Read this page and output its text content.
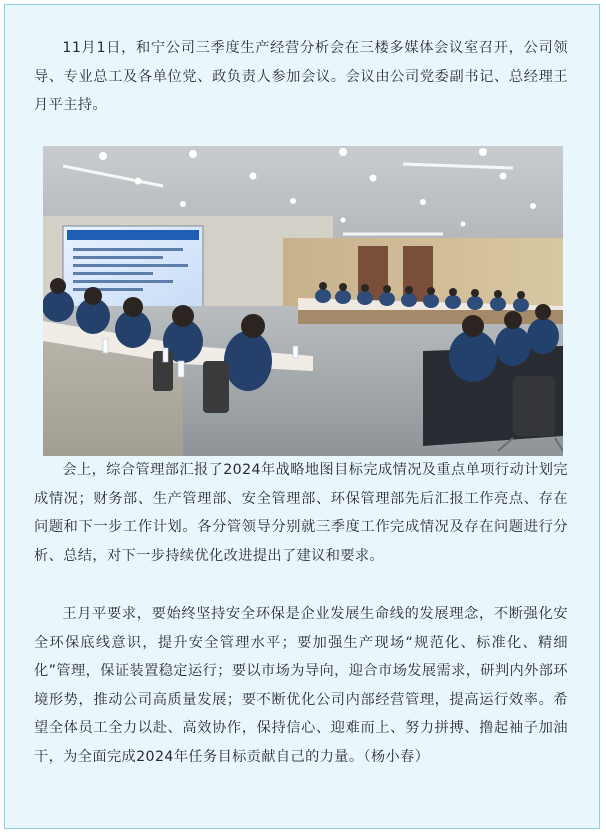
11月1日，和宁公司三季度生产经营分析会在三楼多媒体会议室召开，公司领导、专业总工及各单位党、政负责人参加会议。会议由公司党委副书记、总经理王月平主持。

会上，综合管理部汇报了2024年战略地图目标完成情况及重点单项行动计划完成情况；财务部、生产管理部、安全管理部、环保管理部先后汇报工作亮点、存在问题和下一步工作计划。各分管领导分别就三季度工作完成情况及存在问题进行分析、总结，对下一步持续优化改进提出了建议和要求。

王月平要求，要始终坚持安全环保是企业发展生命线的发展理念，不断强化安全环保底线意识，提升安全管理水平；要加强生产现场“规范化、标准化、精细化”管理，保证装置稳定运行；要以市场为导向，迎合市场发展需求，研判内外部环境形势，推动公司高质量发展；要不断优化公司内部经营管理，提高运行效率。希望全体员工全力以赴、高效协作，保持信心、迎难而上、努力拼搏、撸起袖子加油干，为全面完成2024年任务目标贡献自己的力量。（杨小春）
